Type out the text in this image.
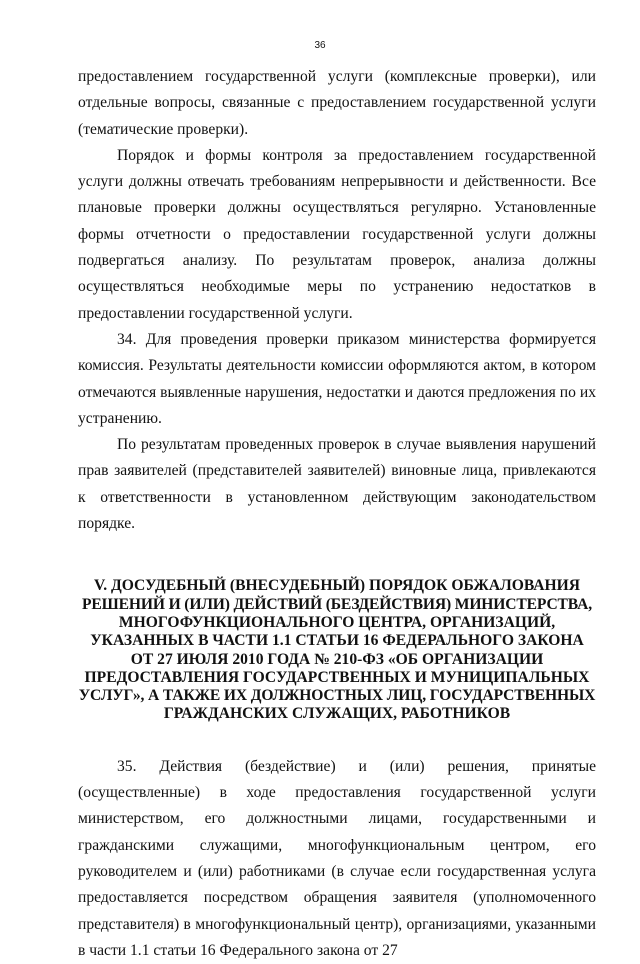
36

предоставлением государственной услуги (комплексные проверки), или отдельные вопросы, связанные с предоставлением государственной услуги (тематические проверки).

Порядок и формы контроля за предоставлением государственной услуги должны отвечать требованиям непрерывности и действенности. Все плановые проверки должны осуществляться регулярно. Установленные формы отчетности о предоставлении государственной услуги должны подвергаться анализу. По результатам проверок, анализа должны осуществляться необходимые меры по устранению недостатков в предоставлении государственной услуги.

34. Для проведения проверки приказом министерства формируется комиссия. Результаты деятельности комиссии оформляются актом, в котором отмечаются выявленные нарушения, недостатки и даются предложения по их устранению.

По результатам проведенных проверок в случае выявления нарушений прав заявителей (представителей заявителей) виновные лица, привлекаются к ответственности в установленном действующим законодательством порядке.

V. ДОСУДЕБНЫЙ (ВНЕСУДЕБНЫЙ) ПОРЯДОК ОБЖАЛОВАНИЯ
РЕШЕНИЙ И (ИЛИ) ДЕЙСТВИЙ (БЕЗДЕЙСТВИЯ) МИНИСТЕРСТВА,
МНОГОФУНКЦИОНАЛЬНОГО ЦЕНТРА, ОРГАНИЗАЦИЙ,
УКАЗАННЫХ В ЧАСТИ 1.1 СТАТЬИ 16 ФЕДЕРАЛЬНОГО ЗАКОНА
ОТ 27 ИЮЛЯ 2010 ГОДА № 210-ФЗ «ОБ ОРГАНИЗАЦИИ
ПРЕДОСТАВЛЕНИЯ ГОСУДАРСТВЕННЫХ И МУНИЦИПАЛЬНЫХ
УСЛУГ», А ТАКЖЕ ИХ ДОЛЖНОСТНЫХ ЛИЦ, ГОСУДАРСТВЕННЫХ
ГРАЖДАНСКИХ СЛУЖАЩИХ, РАБОТНИКОВ

35. Действия (бездействие) и (или) решения, принятые (осуществленные) в ходе предоставления государственной услуги министерством, его должностными лицами, государственными и гражданскими служащими, многофункциональным центром, его руководителем и (или) работниками (в случае если государственная услуга предоставляется посредством обращения заявителя (уполномоченного представителя) в многофункциональный центр), организациями, указанными в части 1.1 статьи 16 Федерального закона от 27
